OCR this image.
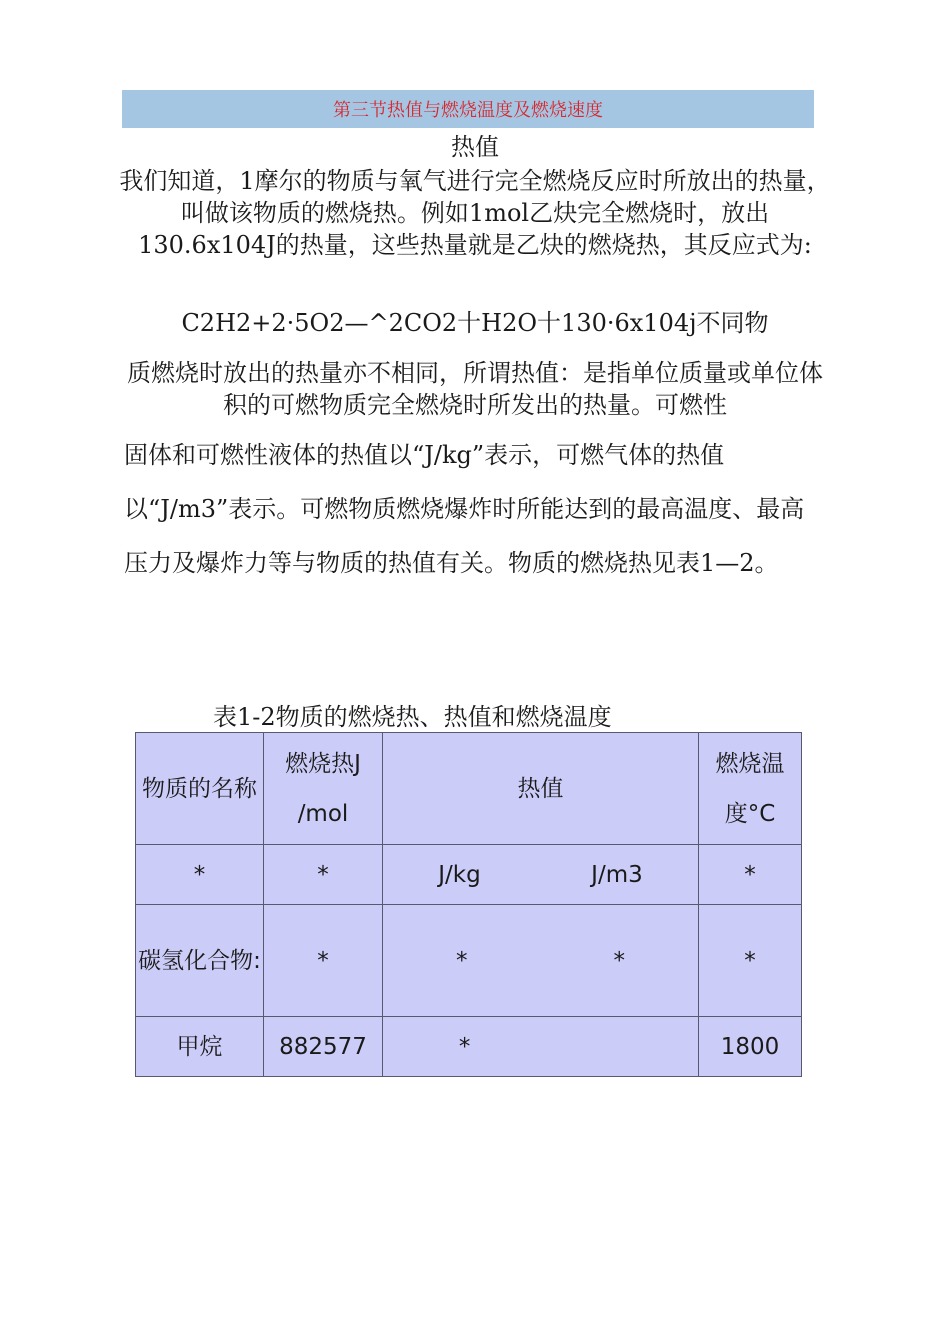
第三节热值与燃烧温度及燃烧速度
热值
我们知道，1摩尔的物质与氧气进行完全燃烧反应时所放出的热量，叫做该物质的燃烧热。例如1mol乙炔完全燃烧时，放出130.6x104J的热量，这些热量就是乙炔的燃烧热，其反应式为:
C2H2+2·5O2—^2CO2十H2O十130·6x104j不同物
质燃烧时放出的热量亦不相同，所谓热值：是指单位质量或单位体积的可燃物质完全燃烧时所发出的热量。可燃性
固体和可燃性液体的热值以“J/kg”表示，可燃气体的热值以“J/m3”表示。可燃物质燃烧爆炸时所能达到的最高温度、最高压力及爆炸力等与物质的热值有关。物质的燃烧热见表1—2。
表1-2物质的燃烧热、热值和燃烧温度
物质的名称	燃烧热J /mol	热值	燃烧温度°C
*	*	J/kg J/m3	*
碳氢化合物:	*	* *	*
甲烷	882577	*	1800
